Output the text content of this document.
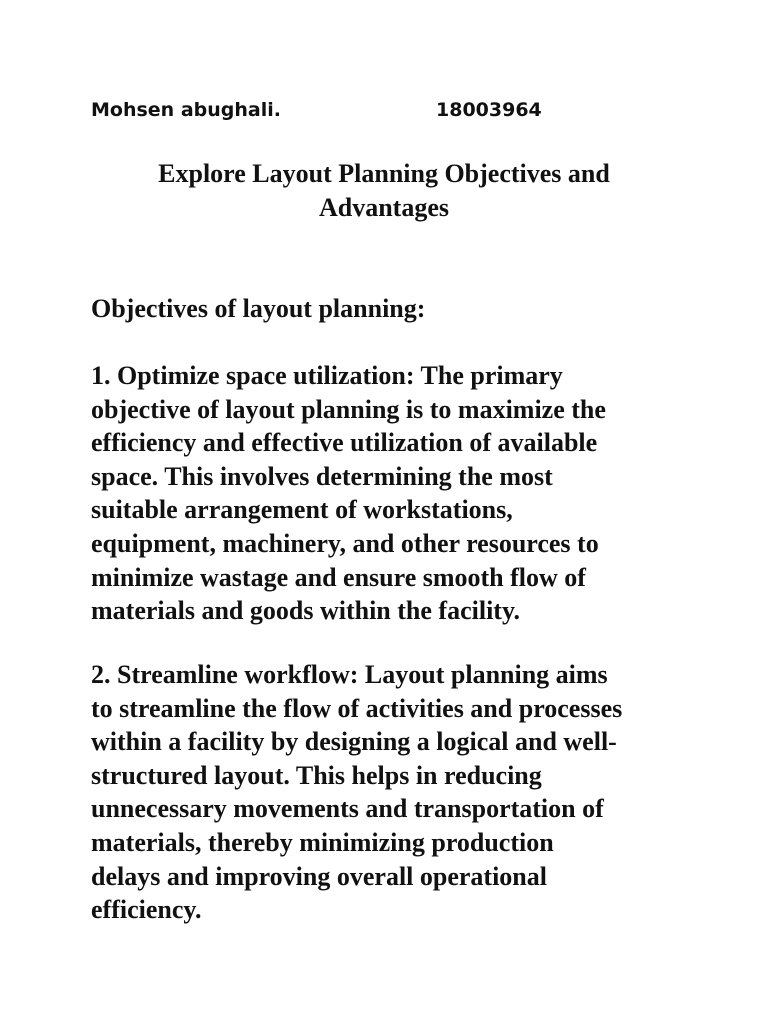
Mohsen abughali.	18003964
Explore Layout Planning Objectives and
Advantages

Objectives of layout planning:

1. Optimize space utilization: The primary
objective of layout planning is to maximize the
efficiency and effective utilization of available
space. This involves determining the most
suitable arrangement of workstations,
equipment, machinery, and other resources to
minimize wastage and ensure smooth flow of
materials and goods within the facility.

2. Streamline workflow: Layout planning aims
to streamline the flow of activities and processes
within a facility by designing a logical and well-
structured layout. This helps in reducing
unnecessary movements and transportation of
materials, thereby minimizing production
delays and improving overall operational
efficiency.
